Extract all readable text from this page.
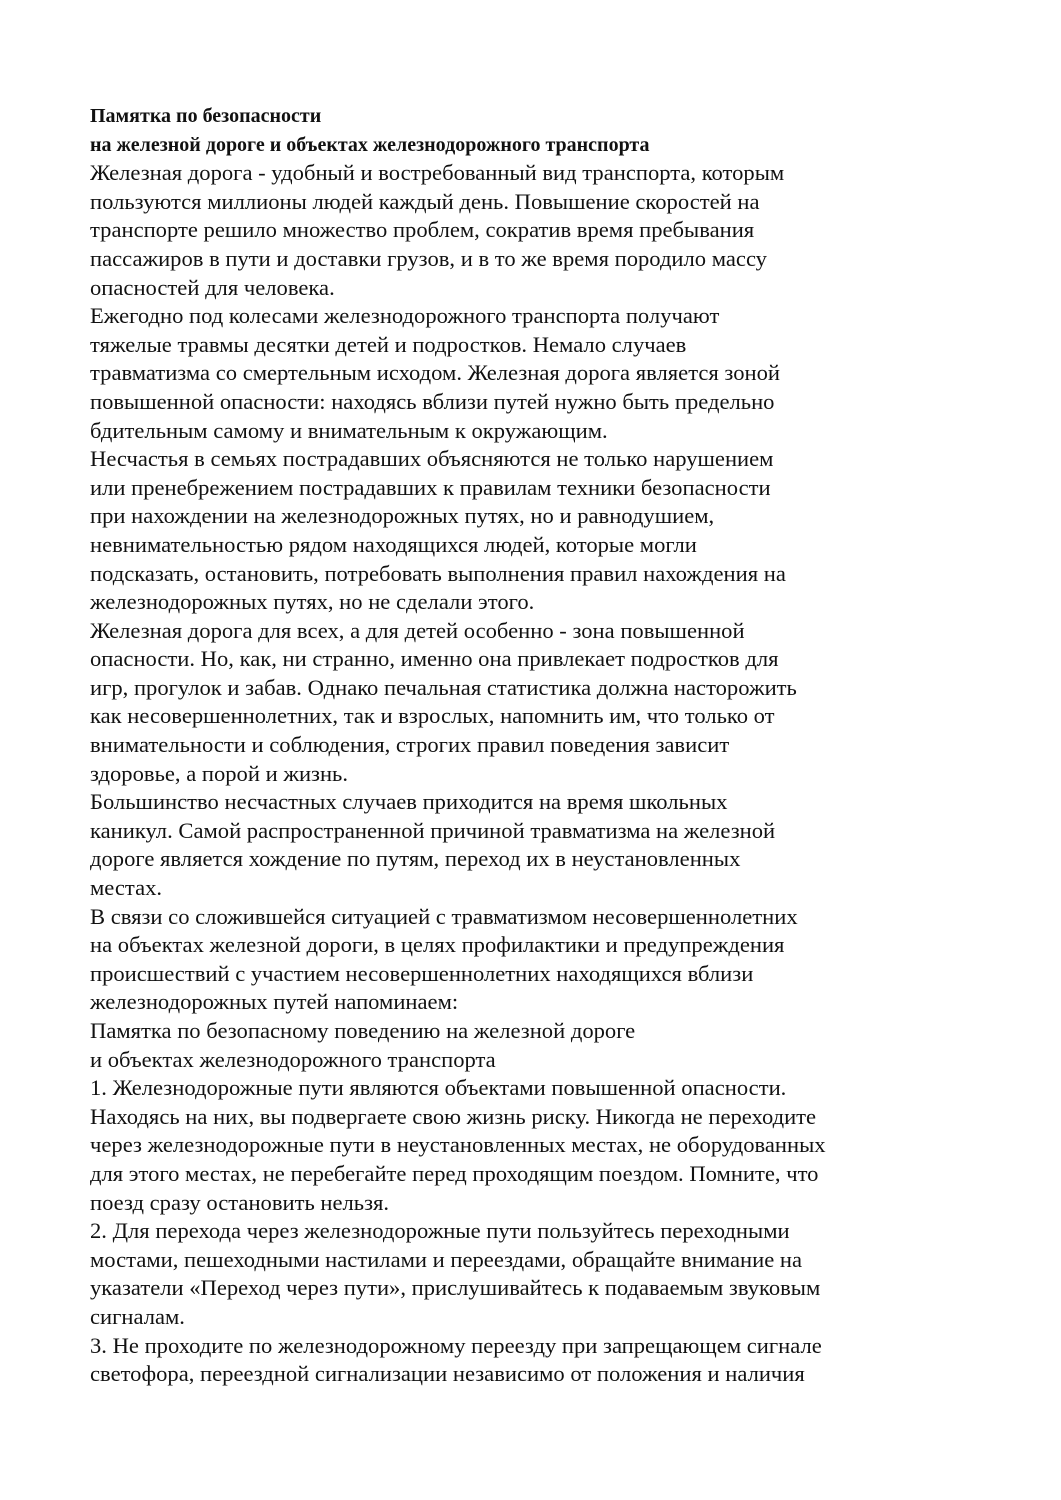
Памятка по безопасности

на железной дороге и объектах железнодорожного транспорта

Железная дорога - удобный и востребованный вид транспорта, которым
пользуются миллионы людей каждый день. Повышение скоростей на
транспорте решило множество проблем, сократив время пребывания
пассажиров в пути и доставки грузов, и в то же время породило массу
опасностей для человека.

Ежегодно под колесами железнодорожного транспорта получают
тяжелые травмы десятки детей и подростков. Немало случаев
травматизма со смертельным исходом. Железная дорога является зоной
повышенной опасности: находясь вблизи путей нужно быть предельно
бдительным самому и внимательным к окружающим.

Несчастья в семьях пострадавших объясняются не только нарушением
или пренебрежением пострадавших к правилам техники безопасности
при нахождении на железнодорожных путях, но и равнодушием,
невнимательностью рядом находящихся людей, которые могли
подсказать, остановить, потребовать выполнения правил нахождения на
железнодорожных путях, но не сделали этого.

Железная дорога для всех, а для детей особенно - зона повышенной
опасности. Но, как, ни странно, именно она привлекает подростков для
игр, прогулок и забав. Однако печальная статистика должна насторожить
как несовершеннолетних, так и взрослых, напомнить им, что только от
внимательности и соблюдения, строгих правил поведения зависит
здоровье, а порой и жизнь.

Большинство несчастных случаев приходится на время школьных
каникул. Самой распространенной причиной травматизма на железной
дороге является хождение по путям, переход их в неустановленных
местах.

В связи со сложившейся ситуацией с травматизмом несовершеннолетних
на объектах железной дороги, в целях профилактики и предупреждения
происшествий с участием несовершеннолетних находящихся вблизи
железнодорожных путей напоминаем:

Памятка по безопасному поведению на железной дороге
и объектах железнодорожного транспорта

1. Железнодорожные пути являются объектами повышенной опасности.
Находясь на них, вы подвергаете свою жизнь риску. Никогда не переходите
через железнодорожные пути в неустановленных местах, не оборудованных
для этого местах, не перебегайте перед проходящим поездом. Помните, что
поезд сразу остановить нельзя.

2. Для перехода через железнодорожные пути пользуйтесь переходными
мостами, пешеходными настилами и переездами, обращайте внимание на
указатели «Переход через пути», прислушивайтесь к подаваемым звуковым
сигналам.

3. Не проходите по железнодорожному переезду при запрещающем сигнале
светофора, переездной сигнализации независимо от положения и наличия
